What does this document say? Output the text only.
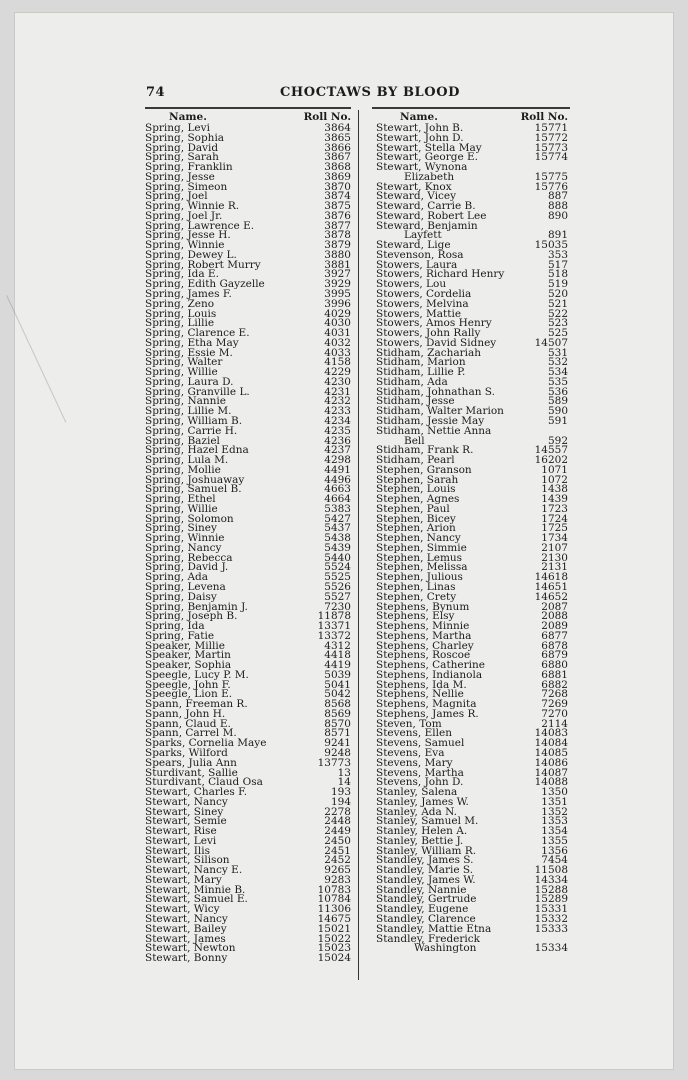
74	CHOCTAWS BY BLOOD
Name.	Roll No.
Spring, Levi	3864
Spring, Sophia	3865
Spring, David	3866
Spring, Sarah	3867
Spring, Franklin	3868
Spring, Jesse	3869
Spring, Simeon	3870
Spring, Joel	3874
Spring, Winnie R.	3875
Spring, Joel Jr.	3876
Spring, Lawrence E.	3877
Spring, Jesse H.	3878
Spring, Winnie	3879
Spring, Dewey L.	3880
Spring, Robert Murry	3881
Spring, Ida E.	3927
Spring, Edith Gayzelle	3929
Spring, James F.	3995
Spring, Zeno	3996
Spring, Louis	4029
Spring, Lillie	4030
Spring, Clarence E.	4031
Spring, Etha May	4032
Spring, Essie M.	4033
Spring, Walter	4158
Spring, Willie	4229
Spring, Laura D.	4230
Spring, Granville L.	4231
Spring, Nannie	4232
Spring, Lillie M.	4233
Spring, William B.	4234
Spring, Carrie H.	4235
Spring, Baziel	4236
Spring, Hazel Edna	4237
Spring, Lula M.	4298
Spring, Mollie	4491
Spring, Joshuaway	4496
Spring, Samuel B.	4663
Spring, Ethel	4664
Spring, Willie	5383
Spring, Solomon	5427
Spring, Siney	5437
Spring, Winnie	5438
Spring, Nancy	5439
Spring, Rebecca	5440
Spring, David J.	5524
Spring, Ada	5525
Spring, Levena	5526
Spring, Daisy	5527
Spring, Benjamin J.	7230
Spring, Joseph B.	11878
Spring, Ida	13371
Spring, Fatie	13372
Speaker, Millie	4312
Speaker, Martin	4418
Speaker, Sophia	4419
Speegle, Lucy P. M.	5039
Speegle, John F.	5041
Speegle, Lion E.	5042
Spann, Freeman R.	8568
Spann, John H.	8569
Spann, Claud E.	8570
Spann, Carrel M.	8571
Sparks, Cornelia Maye	9241
Sparks, Wilford	9248
Spears, Julia Ann	13773
Sturdivant, Sallie	13
Sturdivant, Claud Osa	14
Stewart, Charles F.	193
Stewart, Nancy	194
Stewart, Siney	2278
Stewart, Semie	2448
Stewart, Rise	2449
Stewart, Levi	2450
Stewart, Ilis	2451
Stewart, Silison	2452
Stewart, Nancy E.	9265
Stewart, Mary	9283
Stewart, Minnie B.	10783
Stewart, Samuel E.	10784
Stewart, Wicy	11306
Stewart, Nancy	14675
Stewart, Bailey	15021
Stewart, James	15022
Stewart, Newton	15023
Stewart, Bonny	15024
Name.	Roll No.
Stewart, John B.	15771
Stewart, John D.	15772
Stewart, Stella May	15773
Stewart, George E.	15774
Stewart, Wynona
Elizabeth	15775
Stewart, Knox	15776
Steward, Vicey	887
Steward, Carrie B.	888
Steward, Robert Lee	890
Steward, Benjamin
Layfett	891
Steward, Lige	15035
Stevenson, Rosa	353
Stowers, Laura	517
Stowers, Richard Henry	518
Stowers, Lou	519
Stowers, Cordelia	520
Stowers, Melvina	521
Stowers, Mattie	522
Stowers, Amos Henry	523
Stowers, John Rally	525
Stowers, David Sidney	14507
Stidham, Zachariah	531
Stidham, Marion	532
Stidham, Lillie P.	534
Stidham, Ada	535
Stidham, Johnathan S.	536
Stidham, Jesse	589
Stidham, Walter Marion	590
Stidham, Jessie May	591
Stidham, Nettie Anna
Bell	592
Stidham, Frank R.	14557
Stidham, Pearl	16202
Stephen, Granson	1071
Stephen, Sarah	1072
Stephen, Louis	1438
Stephen, Agnes	1439
Stephen, Paul	1723
Stephen, Bicey	1724
Stephen, Arion	1725
Stephen, Nancy	1734
Stephen, Simmie	2107
Stephen, Lemus	2130
Stephen, Melissa	2131
Stephen, Julious	14618
Stephen, Linas	14651
Stephen, Crety	14652
Stephens, Bynum	2087
Stephens, Elsy	2088
Stephens, Minnie	2089
Stephens, Martha	6877
Stephens, Charley	6878
Stephens, Roscoe	6879
Stephens, Catherine	6880
Stephens, Indianola	6881
Stephens, Ida M.	6882
Stephens, Nellie	7268
Stephens, Magnita	7269
Stephens, James R.	7270
Steven, Tom	2114
Stevens, Ellen	14083
Stevens, Samuel	14084
Stevens, Eva	14085
Stevens, Mary	14086
Stevens, Martha	14087
Stevens, John D.	14088
Stanley, Salena	1350
Stanley, James W.	1351
Stanley, Ada N.	1352
Stanley, Samuel M.	1353
Stanley, Helen A.	1354
Stanley, Bettie J.	1355
Stanley, William R.	1356
Standley, James S.	7454
Standley, Marie S.	11508
Standley, James W.	14334
Standley, Nannie	15288
Standley, Gertrude	15289
Standley, Eugene	15331
Standley, Clarence	15332
Standley, Mattie Etna	15333
Standley, Frederick
Washington	15334
